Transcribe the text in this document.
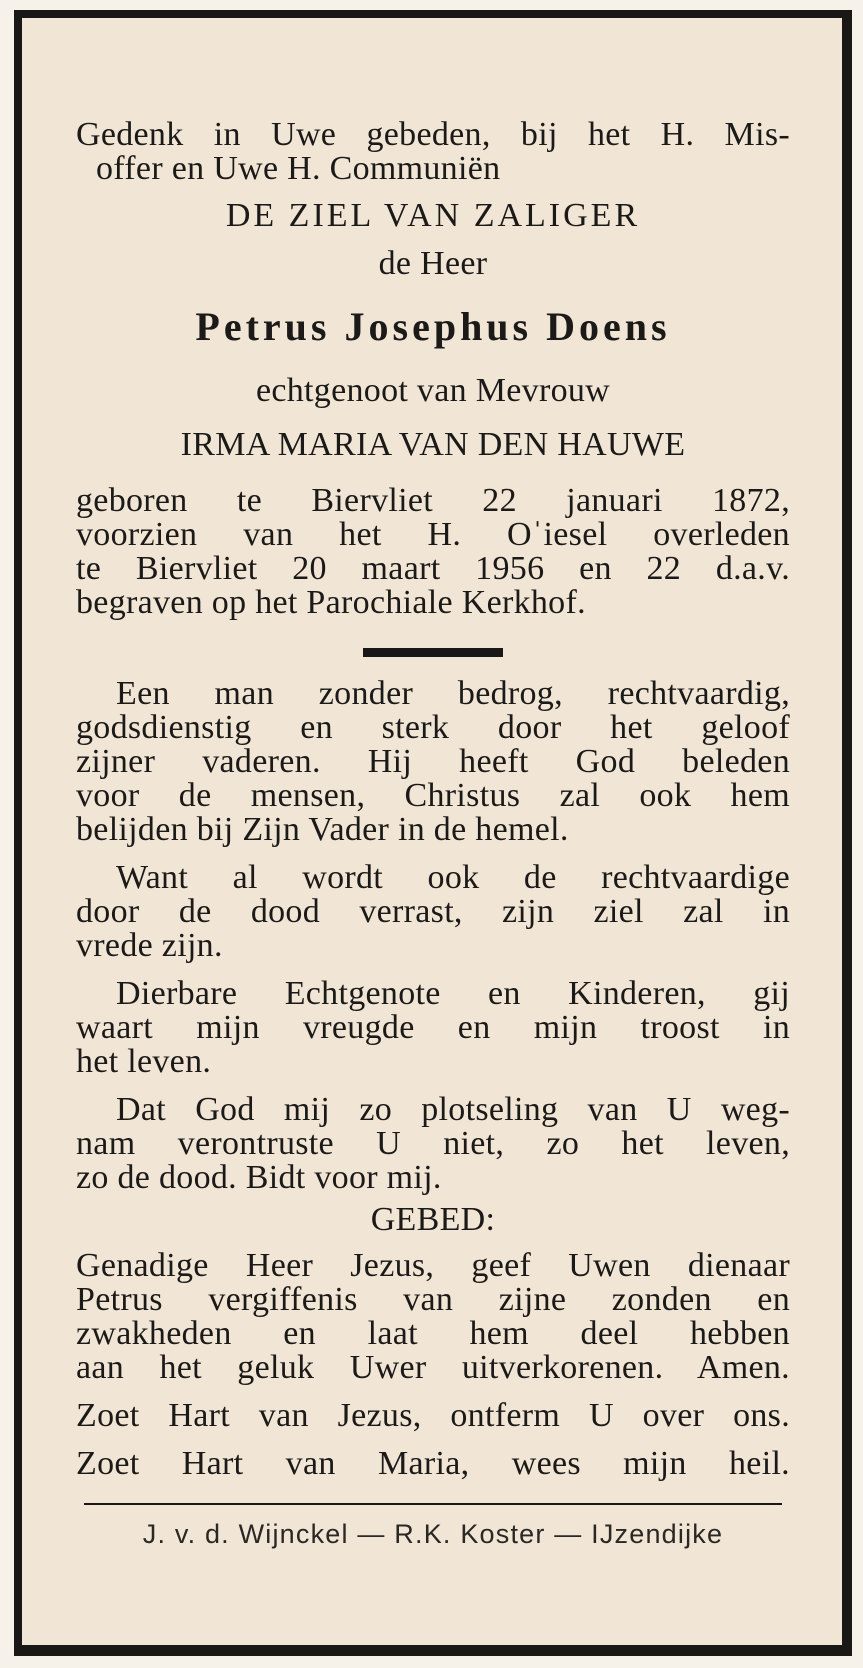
Gedenk in Uwe gebeden, bij het H. Mis-
offer en Uwe H. Communiën
DE ZIEL VAN ZALIGER
de Heer
Petrus Josephus Doens
echtgenoot van Mevrouw
IRMA MARIA VAN DEN HAUWE
geboren te Biervliet 22 januari 1872,
voorzien van het H. Oˈiesel overleden
te Biervliet 20 maart 1956 en 22 d.a.v.
begraven op het Parochiale Kerkhof.
Een man zonder bedrog, rechtvaardig,
godsdienstig en sterk door het geloof
zijner vaderen. Hij heeft God beleden
voor de mensen, Christus zal ook hem
belijden bij Zijn Vader in de hemel.
Want al wordt ook de rechtvaardige
door de dood verrast, zijn ziel zal in
vrede zijn.
Dierbare Echtgenote en Kinderen, gij
waart mijn vreugde en mijn troost in
het leven.
Dat God mij zo plotseling van U weg-
nam verontruste U niet, zo het leven,
zo de dood. Bidt voor mij.
GEBED:
Genadige Heer Jezus, geef Uwen dienaar
Petrus vergiffenis van zijne zonden en
zwakheden en laat hem deel hebben
aan het geluk Uwer uitverkorenen. Amen.
Zoet Hart van Jezus, ontferm U over ons.
Zoet Hart van Maria, wees mijn heil.
J. v. d. Wijnckel — R.K. Koster — IJzendijke
